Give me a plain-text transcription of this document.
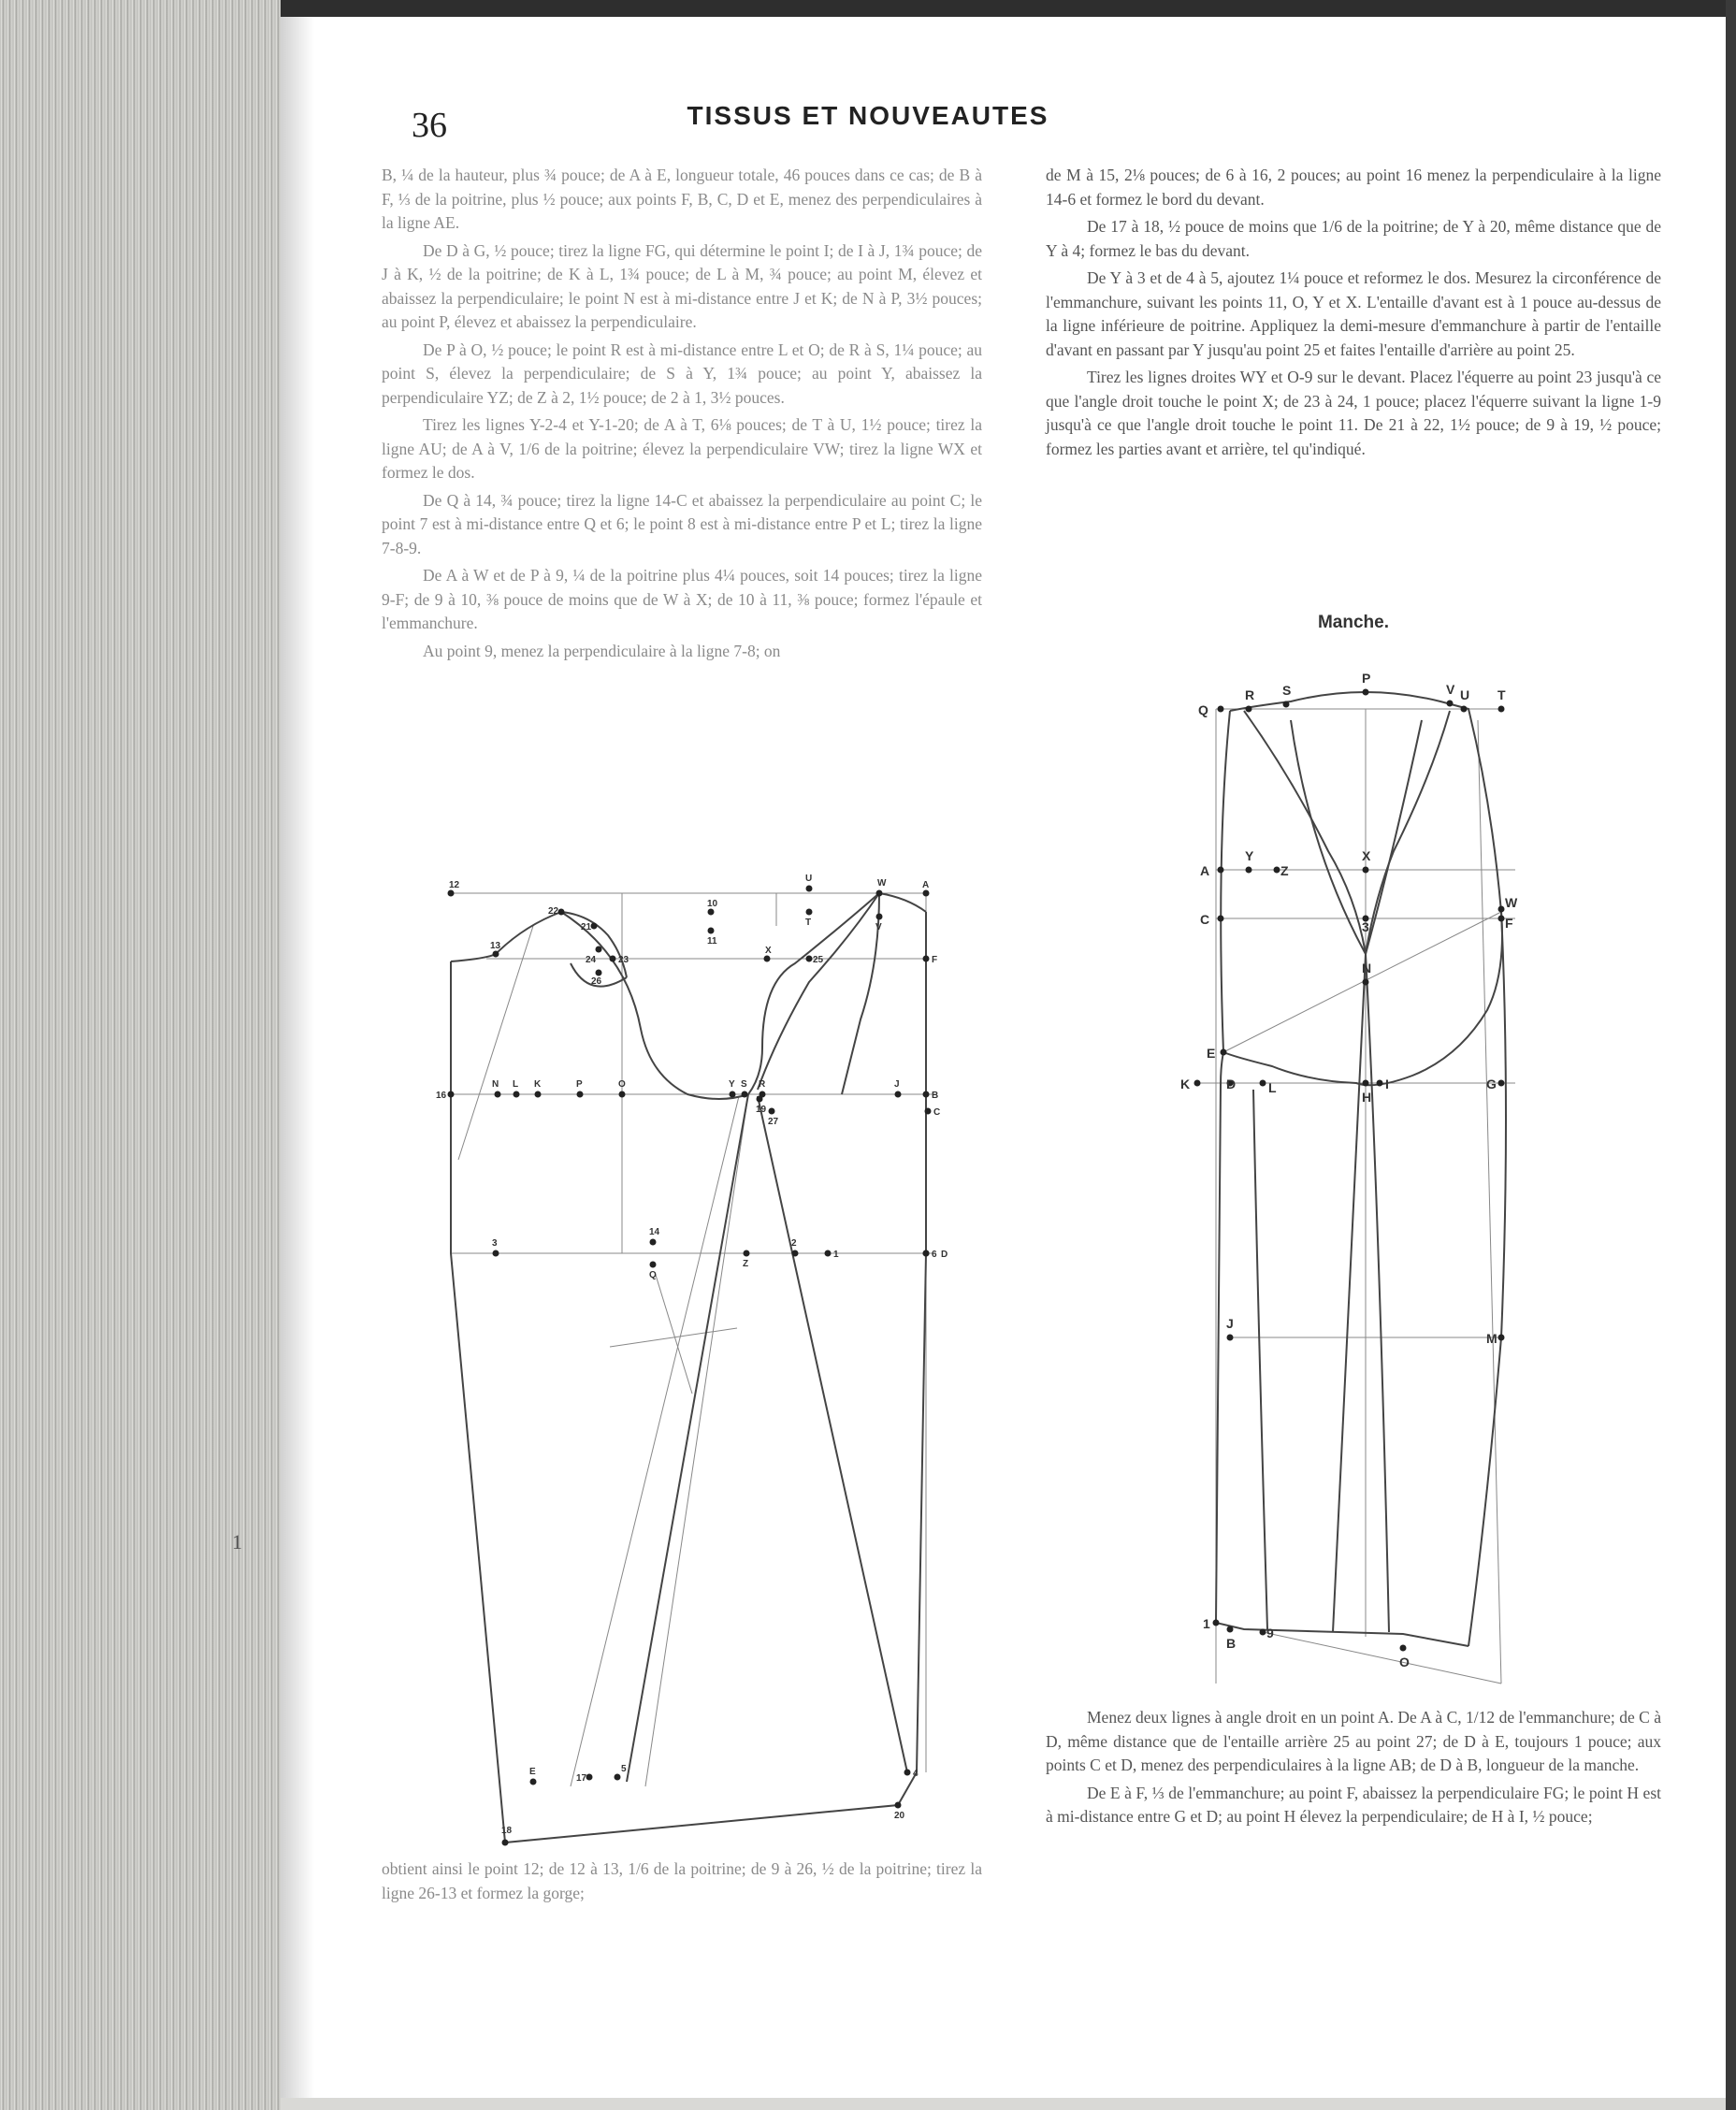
1
36	TISSUS ET NOUVEAUTES

B, ¼ de la hauteur, plus ¾ pouce; de A à E, longueur totale, 46 pouces dans ce cas; de B à F, ⅓ de la poitrine, plus ½ pouce; aux points F, B, C, D et E, menez des perpendiculaires à la ligne AE.

De D à G, ½ pouce; tirez la ligne FG, qui détermine le point I; de I à J, 1¾ pouce; de J à K, ½ de la poitrine; de K à L, 1¾ pouce; de L à M, ¾ pouce; au point M, élevez et abaissez la perpendiculaire; le point N est à mi-distance entre J et K; de N à P, 3½ pouces; au point P, élevez et abaissez la perpendiculaire.

De P à O, ½ pouce; le point R est à mi-distance entre L et O; de R à S, 1¼ pouce; au point S, élevez la perpendiculaire; de S à Y, 1¾ pouce; au point Y, abaissez la perpendiculaire YZ; de Z à 2, 1½ pouce; de 2 à 1, 3½ pouces.

Tirez les lignes Y-2-4 et Y-1-20; de A à T, 6⅛ pouces; de T à U, 1½ pouce; tirez la ligne AU; de A à V, 1/6 de la poitrine; élevez la perpendiculaire VW; tirez la ligne WX et formez le dos.

De Q à 14, ¾ pouce; tirez la ligne 14-C et abaissez la perpendiculaire au point C; le point 7 est à mi-distance entre Q et 6; le point 8 est à mi-distance entre P et L; tirez la ligne 7-8-9.

De A à W et de P à 9, ¼ de la poitrine plus 4¼ pouces, soit 14 pouces; tirez la ligne 9-F; de 9 à 10, ⅜ pouce de moins que de W à X; de 10 à 11, ⅜ pouce; formez l'épaule et l'emmanchure.

Au point 9, menez la perpendiculaire à la ligne 7-8; on

de M à 15, 2⅛ pouces; de 6 à 16, 2 pouces; au point 16 menez la perpendiculaire à la ligne 14-6 et formez le bord du devant.

De 17 à 18, ½ pouce de moins que 1/6 de la poitrine; de Y à 20, même distance que de Y à 4; formez le bas du devant.

De Y à 3 et de 4 à 5, ajoutez 1¼ pouce et reformez le dos. Mesurez la circonférence de l'emmanchure, suivant les points 11, O, Y et X. L'entaille d'avant est à 1 pouce au-dessus de la ligne inférieure de poitrine. Appliquez la demi-mesure d'emmanchure à partir de l'entaille d'avant en passant par Y jusqu'au point 25 et faites l'entaille d'arrière au point 25.

Tirez les lignes droites WY et O-9 sur le devant. Placez l'équerre au point 23 jusqu'à ce que l'angle droit touche le point X; de 23 à 24, 1 pouce; placez l'équerre suivant la ligne 1-9 jusqu'à ce que l'angle droit touche le point 11. De 21 à 22, 1½ pouce; de 9 à 19, ½ pouce; formez les parties avant et arrière, tel qu'indiqué.

Manche.
12	A
U	W
T
10
V
11
13
22
24
21
23	25
X
F
26
N L K	P	O	Y	R	J
B
C
27
16
S
Z
2
1
14
Q
6 D
E
17
5	4
20
3
18
19
Q
R S
P
V U T
A
Y
Z
X
W
F
C	3
N
E
K	D L
H
I	G
J
M
1
B
9
O

Menez deux lignes à angle droit en un point A. De A à C, 1/12 de l'emmanchure; de C à D, même distance que de l'entaille arrière 25 au point 27; de D à E, toujours 1 pouce; aux points C et D, menez des perpendiculaires à la ligne AB; de D à B, longueur de la manche.

De E à F, ⅓ de l'emmanchure; au point F, abaissez la perpendiculaire FG; le point H est à mi-distance entre G et D; au point H élevez la perpendiculaire; de H à I, ½ pouce;

obtient ainsi le point 12; de 12 à 13, 1/6 de la poitrine; de 9 à 26, ½ de la poitrine; tirez la ligne 26-13 et formez la gorge;
